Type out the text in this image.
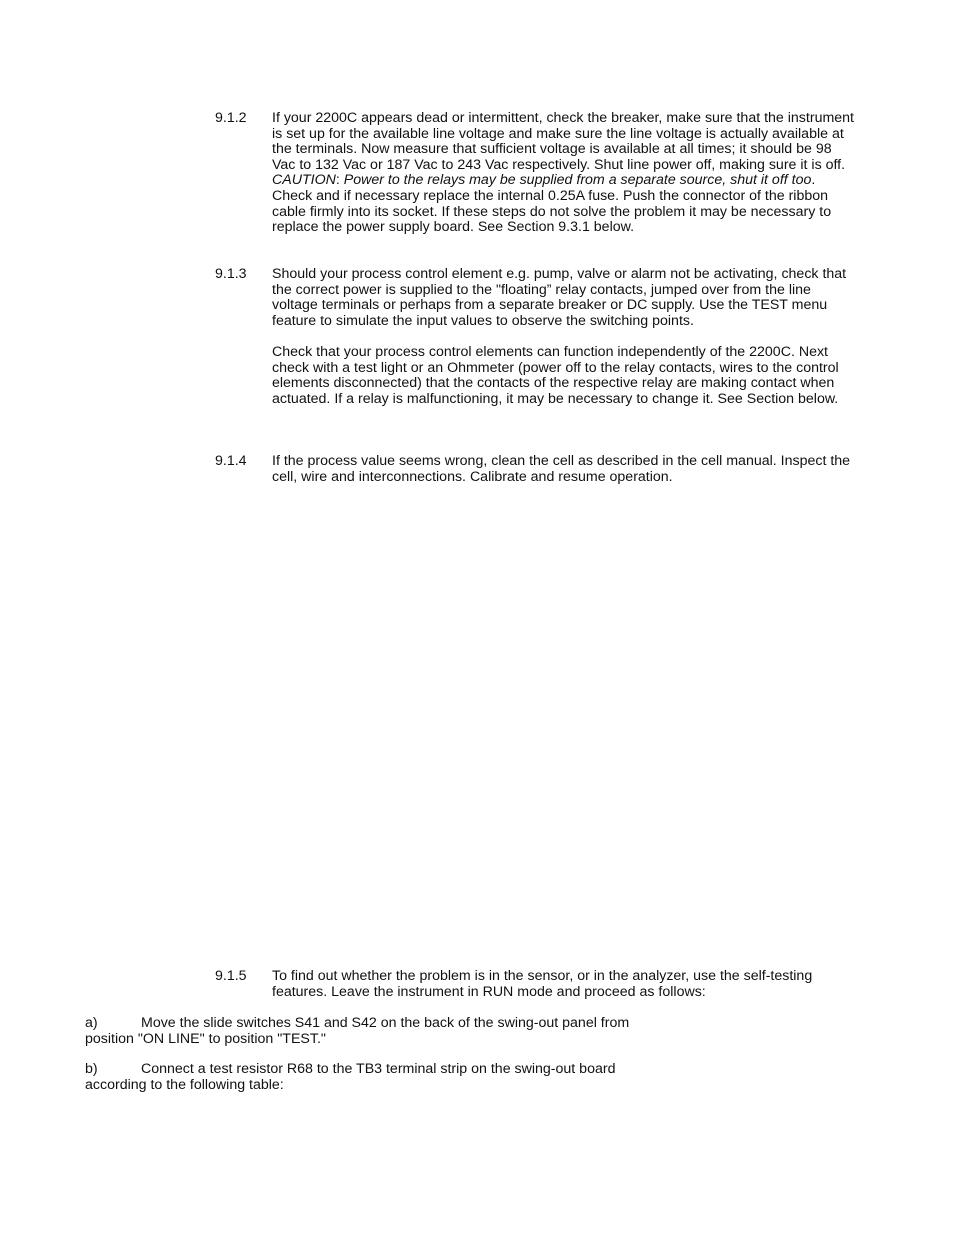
9.1.2	If your 2200C appears dead or intermittent, check the breaker, make sure that the instrument is set up for the available line voltage and make sure the line voltage is actually available at the terminals. Now measure that sufficient voltage is available at all times; it should be 98 Vac to 132 Vac or 187 Vac to 243 Vac respectively. Shut line power off, making sure it is off. CAUTION: Power to the relays may be supplied from a separate source, shut it off too. Check and if necessary replace the internal 0.25A fuse. Push the connector of the ribbon cable firmly into its socket. If these steps do not solve the problem it may be necessary to replace the power supply board. See Section 9.3.1 below.

9.1.3	Should your process control element e.g. pump, valve or alarm not be activating, check that the correct power is supplied to the "floating” relay contacts, jumped over from the line voltage terminals or perhaps from a separate breaker or DC supply. Use the TEST menu feature to simulate the input values to observe the switching points.

Check that your process control elements can function independently of the 2200C. Next check with a test light or an Ohmmeter (power off to the relay contacts, wires to the control elements disconnected) that the contacts of the respective relay are making contact when actuated. If a relay is malfunctioning, it may be necessary to change it. See Section below.

9.1.4	If the process value seems wrong, clean the cell as described in the cell manual. Inspect the cell, wire and interconnections. Calibrate and resume operation.

9.1.5	To find out whether the problem is in the sensor, or in the analyzer, use the self-testing features. Leave the instrument in RUN mode and proceed as follows:

a)	Move the slide switches S41 and S42 on the back of the swing-out panel from position "ON LINE" to position "TEST."
b)	Connect a test resistor R68 to the TB3 terminal strip on the swing-out board according to the following table:
